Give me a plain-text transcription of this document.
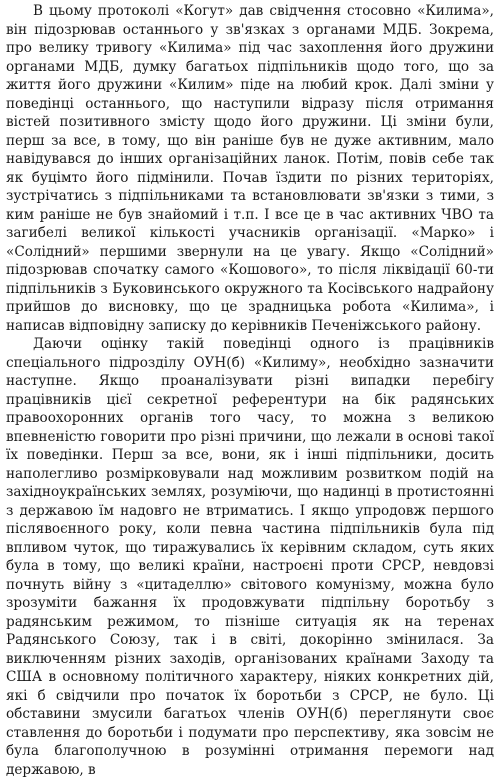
В цьому протоколі «Когут» дав свідчення стосовно «Килима», він підозрював останнього у зв'язках з органами МДБ. Зокрема, про велику тривогу «Килима» під час захоплення його дружини органами МДБ, думку багатьох підпільників щодо того, що за життя його дружини «Килим» піде на любий крок. Далі зміни у поведінці останнього, що наступили відразу після отримання вістей позитивного змісту щодо його дружини. Ці зміни були, перш за все, в тому, що він раніше був не дуже активним, мало навідувався до інших організаційних ланок. Потім, повів себе так як буцімто його підмінили. Почав їздити по різних територіях, зустрічатись з підпільниками та встановлювати зв'язки з тими, з ким раніше не був знайомий і т.п. І все це в час активних ЧВО та загибелі великої кількості учасників організації. «Марко» і «Солідний» першими звернули на це увагу. Якщо «Солідний» підозрював спочатку самого «Кошового», то після ліквідації 60-ти підпільників з Буковинського окружного та Косівського надрайону прийшов до висновку, що це зрадницька робота «Килима», і написав відповідну записку до керівників Печеніжського району.

Даючи оцінку такій поведінці одного із працівників спеціального підрозділу ОУН(б) «Килиму», необхідно зазначити наступне. Якщо проаналізувати різні випадки перебігу працівників цієї секретної референтури на бік радянських правоохоронних органів того часу, то можна з великою впевненістю говорити про різні причини, що лежали в основі такої їх поведінки. Перш за все, вони, як і інші підпільники, досить наполегливо розмірковували над можливим розвитком подій на західноукраїнських землях, розуміючи, що надинці в протистоянні з державою їм надовго не втриматись. І якщо упродовж першого післявоєнного року, коли певна частина підпільників була під впливом чуток, що тиражувались їх керівним складом, суть яких була в тому, що великі країни, настроєні проти СРСР, невдовзі почнуть війну з «цитаделлю» світового комунізму, можна було зрозуміти бажання їх продовжувати підпільну боротьбу з радянським режимом, то пізніше ситуація як на теренах Радянського Союзу, так і в світі, докорінно змінилася. За виключенням різних заходів, організованих країнами Заходу та США в основному політичного характеру, ніяких конкретних дій, які б свідчили про початок їх боротьби з СРСР, не було. Ці обставини змусили багатьох членів ОУН(б) переглянути своє ставлення до боротьби і подумати про перспективу, яка зовсім не була благополучною в розумінні отримання перемоги над державою, в
